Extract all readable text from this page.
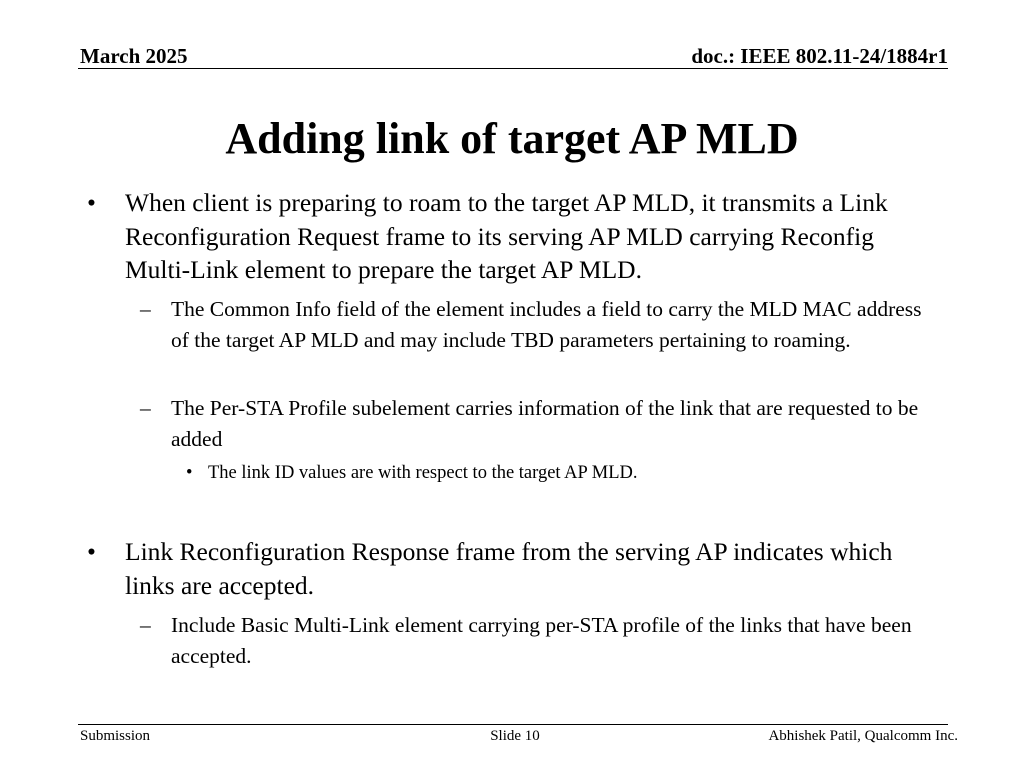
March 2025	doc.: IEEE 802.11-24/1884r1
Adding link of target AP MLD
• When client is preparing to roam to the target AP MLD, it transmits a Link Reconfiguration Request frame to its serving AP MLD carrying Reconfig Multi-Link element to prepare the target AP MLD.
– The Common Info field of the element includes a field to carry the MLD MAC address of the target AP MLD and may include TBD parameters pertaining to roaming.
– The Per-STA Profile subelement carries information of the link that are requested to be added
• The link ID values are with respect to the target AP MLD.
• Link Reconfiguration Response frame from the serving AP indicates which links are accepted.
– Include Basic Multi-Link element carrying per-STA profile of the links that have been accepted.
Submission	Slide 10	Abhishek Patil, Qualcomm Inc.
